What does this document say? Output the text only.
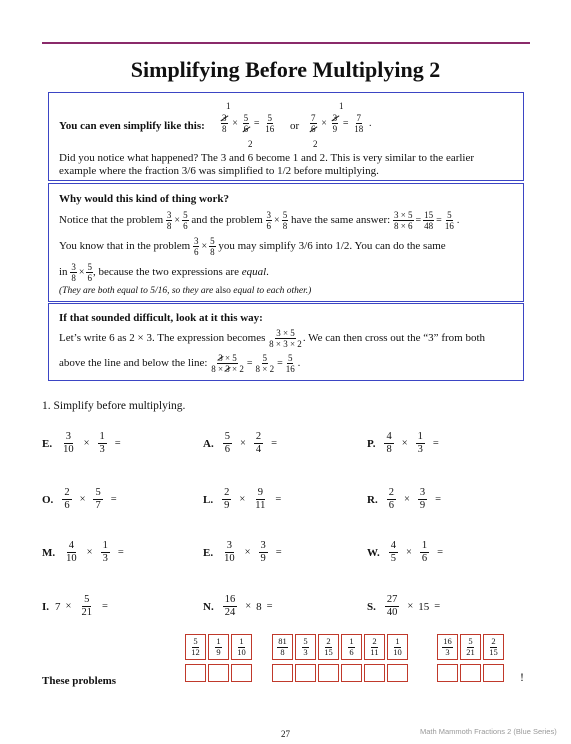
Simplifying Before Multiplying 2
You can even simplify like this:
1
$\frac{3}{8} \times \frac{5}{6} = \frac{5}{16}$
2
or
1
$\frac{7}{6} \times \frac{3}{9} = \frac{7}{18}$ .
2
Did you notice what happened? The 3 and 6 become 1 and 2. This is very similar to the earlier
example where the fraction 3/6 was simplified to 1/2 before multiplying.
Why would this kind of thing work?
Notice that the problem
$\frac{3}{8} \times \frac{5}{6}$
and the problem
$\frac{3}{6} \times \frac{5}{8}$
have the same answer:
$\frac{3 \times 5}{8 \times 6} = \frac{15}{48} = \frac{5}{16}$ .
You know that in the problem
$\frac{3}{6} \times \frac{5}{8}$
you may simplify 3/6 into 1/2. You can do the same
in
$\frac{3}{8} \times \frac{5}{6}$ , because the two expressions are
equal .
(They are both equal to 5/16, so they are also equal to each other.)
If that sounded difficult, look at it this way:
Let’s write 6 as 2 × 3. The expression becomes
$\frac{3 \times 5}{8 \times 3 \times 2}$ . We can then cross out the “3” from both
above the line and below the line:
$\frac{3 \times 5}{8 \times 3 \times 2} = \frac{5}{8 \times 2} = \frac{5}{16}$ .
1. Simplify before multiplying.
E. $\frac{3}{10} \times \frac{1}{3}$ =	A. $\frac{5}{6} \times \frac{2}{4}$ =	P. $\frac{4}{8} \times \frac{1}{3}$ =
O. $\frac{2}{6} \times \frac{5}{7}$ =	L. $\frac{2}{9} \times \frac{9}{11}$ =	R. $\frac{2}{6} \times \frac{3}{9}$ =
M. $\frac{4}{10} \times \frac{1}{3}$ =	E. $\frac{3}{10} \times \frac{3}{9}$ =	W. $\frac{4}{5} \times \frac{1}{6}$ =
I. $7 \times \frac{5}{21}$ =	N. $\frac{16}{24} \times 8$ =	S. $\frac{27}{40} \times 15$ =
$\frac{5}{12} \frac{1}{9} \frac{1}{10}$	$\frac{81}{8} \frac{5}{3} \frac{2}{15} \frac{1}{6} \frac{2}{11} \frac{1}{10}$	$\frac{16}{3} \frac{5}{21} \frac{2}{15}$
These problems	!
27	Math Mammoth Fractions 2 (Blue Series)
